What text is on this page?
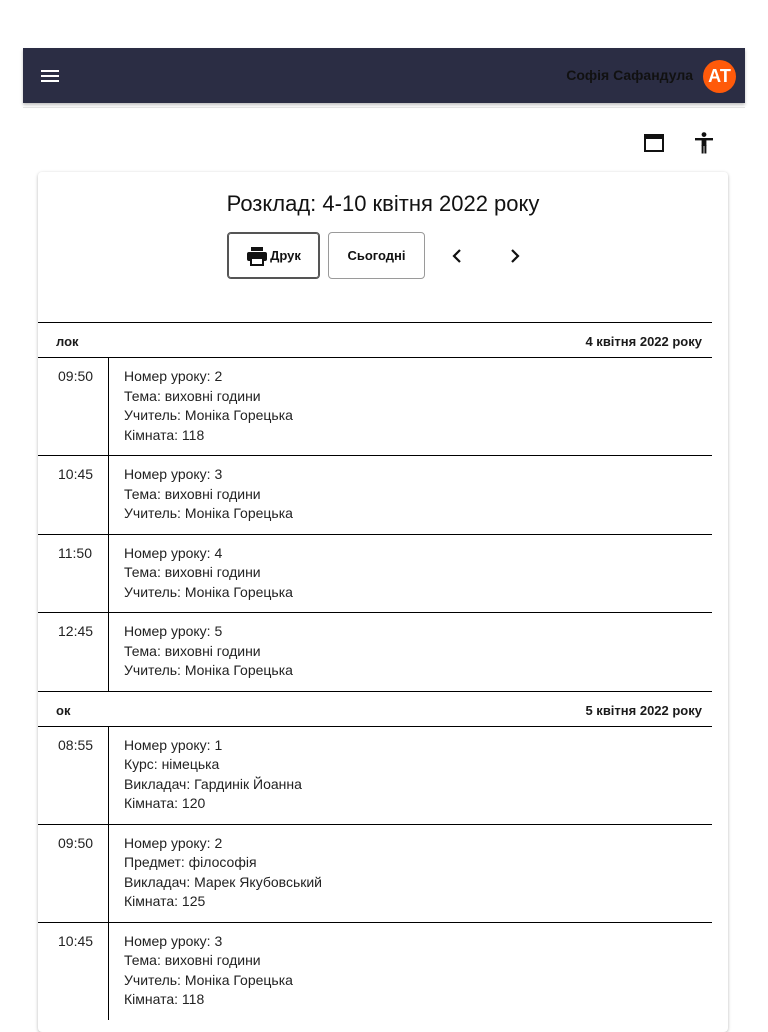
Софія Сафандула AT
Розклад: 4-10 квітня 2022 року
Друк	Сьогодні
лок	4 квітня 2022 року
09:50	Номер уроку: 2
Тема: виховні години
Учитель: Моніка Горецька
Кімната: 118
10:45	Номер уроку: 3
Тема: виховні години
Учитель: Моніка Горецька
11:50	Номер уроку: 4
Тема: виховні години
Учитель: Моніка Горецька
12:45	Номер уроку: 5
Тема: виховні години
Учитель: Моніка Горецька
ок	5 квітня 2022 року
08:55	Номер уроку: 1
Курс: німецька
Викладач: Гардинік Йоанна
Кімната: 120
09:50	Номер уроку: 2
Предмет: філософія
Викладач: Марек Якубовський
Кімната: 125
10:45	Номер уроку: 3
Тема: виховні години
Учитель: Моніка Горецька
Кімната: 118
